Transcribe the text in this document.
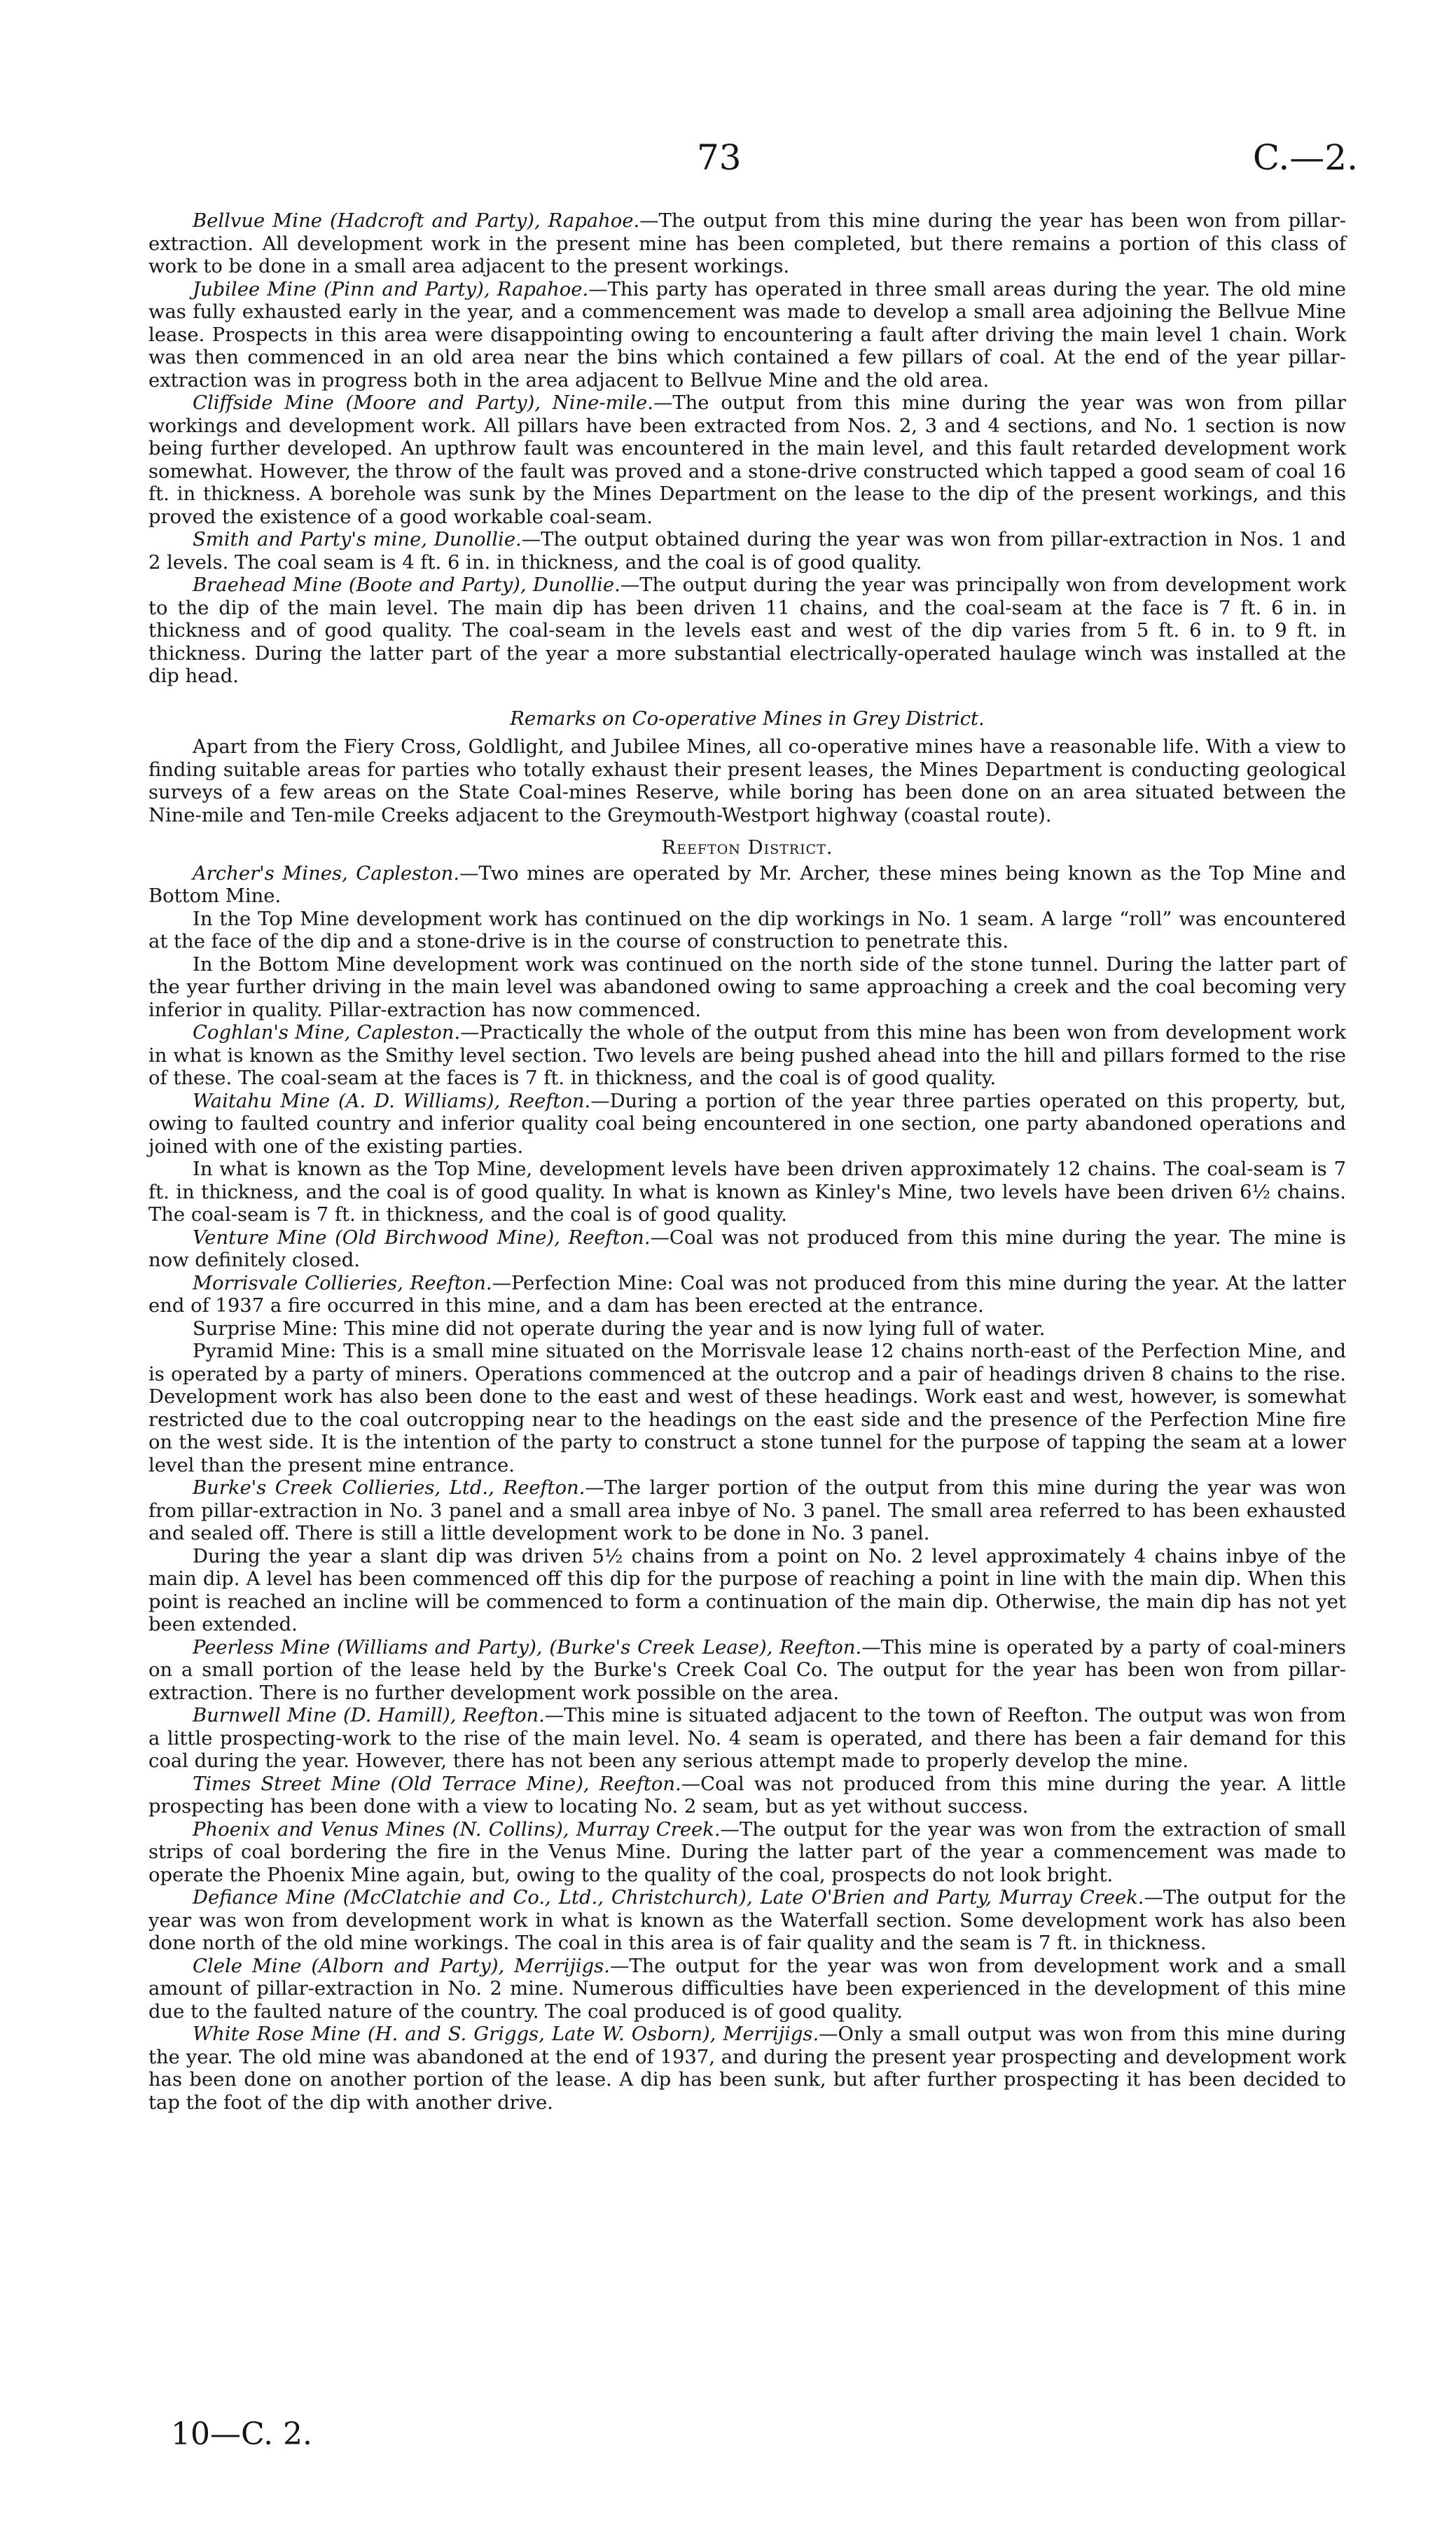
73	C.—2.

Bellvue Mine (Hadcroft and Party), Rapahoe.—The output from this mine during the year has been won from pillar-extraction. All development work in the present mine has been completed, but there remains a portion of this class of work to be done in a small area adjacent to the present workings.

Jubilee Mine (Pinn and Party), Rapahoe.—This party has operated in three small areas during the year. The old mine was fully exhausted early in the year, and a commencement was made to develop a small area adjoining the Bellvue Mine lease. Prospects in this area were disappointing owing to encountering a fault after driving the main level 1 chain. Work was then commenced in an old area near the bins which contained a few pillars of coal. At the end of the year pillar-extraction was in progress both in the area adjacent to Bellvue Mine and the old area.

Cliffside Mine (Moore and Party), Nine-mile.—The output from this mine during the year was won from pillar workings and development work. All pillars have been extracted from Nos. 2, 3 and 4 sections, and No. 1 section is now being further developed. An upthrow fault was encountered in the main level, and this fault retarded development work somewhat. However, the throw of the fault was proved and a stone-drive constructed which tapped a good seam of coal 16 ft. in thickness. A borehole was sunk by the Mines Department on the lease to the dip of the present workings, and this proved the existence of a good workable coal-seam.

Smith and Party's mine, Dunollie.—The output obtained during the year was won from pillar-extraction in Nos. 1 and 2 levels. The coal seam is 4 ft. 6 in. in thickness, and the coal is of good quality.

Braehead Mine (Boote and Party), Dunollie.—The output during the year was principally won from development work to the dip of the main level. The main dip has been driven 11 chains, and the coal-seam at the face is 7 ft. 6 in. in thickness and of good quality. The coal-seam in the levels east and west of the dip varies from 5 ft. 6 in. to 9 ft. in thickness. During the latter part of the year a more substantial electrically-operated haulage winch was installed at the dip head.

Remarks on Co-operative Mines in Grey District.

Apart from the Fiery Cross, Goldlight, and Jubilee Mines, all co-operative mines have a reasonable life. With a view to finding suitable areas for parties who totally exhaust their present leases, the Mines Department is conducting geological surveys of a few areas on the State Coal-mines Reserve, while boring has been done on an area situated between the Nine-mile and Ten-mile Creeks adjacent to the Greymouth-Westport highway (coastal route).

Reefton District.

Archer's Mines, Capleston.—Two mines are operated by Mr. Archer, these mines being known as the Top Mine and Bottom Mine.

In the Top Mine development work has continued on the dip workings in No. 1 seam. A large “roll” was encountered at the face of the dip and a stone-drive is in the course of construction to penetrate this.

In the Bottom Mine development work was continued on the north side of the stone tunnel. During the latter part of the year further driving in the main level was abandoned owing to same approaching a creek and the coal becoming very inferior in quality. Pillar-extraction has now commenced.

Coghlan's Mine, Capleston.—Practically the whole of the output from this mine has been won from development work in what is known as the Smithy level section. Two levels are being pushed ahead into the hill and pillars formed to the rise of these. The coal-seam at the faces is 7 ft. in thickness, and the coal is of good quality.

Waitahu Mine (A. D. Williams), Reefton.—During a portion of the year three parties operated on this property, but, owing to faulted country and inferior quality coal being encountered in one section, one party abandoned operations and joined with one of the existing parties.

In what is known as the Top Mine, development levels have been driven approximately 12 chains. The coal-seam is 7 ft. in thickness, and the coal is of good quality. In what is known as Kinley's Mine, two levels have been driven 6½ chains. The coal-seam is 7 ft. in thickness, and the coal is of good quality.

Venture Mine (Old Birchwood Mine), Reefton.—Coal was not produced from this mine during the year. The mine is now definitely closed.

Morrisvale Collieries, Reefton.—Perfection Mine: Coal was not produced from this mine during the year. At the latter end of 1937 a fire occurred in this mine, and a dam has been erected at the entrance.

Surprise Mine: This mine did not operate during the year and is now lying full of water.

Pyramid Mine: This is a small mine situated on the Morrisvale lease 12 chains north-east of the Perfection Mine, and is operated by a party of miners. Operations commenced at the outcrop and a pair of headings driven 8 chains to the rise. Development work has also been done to the east and west of these headings. Work east and west, however, is somewhat restricted due to the coal outcropping near to the headings on the east side and the presence of the Perfection Mine fire on the west side. It is the intention of the party to construct a stone tunnel for the purpose of tapping the seam at a lower level than the present mine entrance.

Burke's Creek Collieries, Ltd., Reefton.—The larger portion of the output from this mine during the year was won from pillar-extraction in No. 3 panel and a small area inbye of No. 3 panel. The small area referred to has been exhausted and sealed off. There is still a little development work to be done in No. 3 panel.

During the year a slant dip was driven 5½ chains from a point on No. 2 level approximately 4 chains inbye of the main dip. A level has been commenced off this dip for the purpose of reaching a point in line with the main dip. When this point is reached an incline will be commenced to form a continuation of the main dip. Otherwise, the main dip has not yet been extended.

Peerless Mine (Williams and Party), (Burke's Creek Lease), Reefton.—This mine is operated by a party of coal-miners on a small portion of the lease held by the Burke's Creek Coal Co. The output for the year has been won from pillar-extraction. There is no further development work possible on the area.

Burnwell Mine (D. Hamill), Reefton.—This mine is situated adjacent to the town of Reefton. The output was won from a little prospecting-work to the rise of the main level. No. 4 seam is operated, and there has been a fair demand for this coal during the year. However, there has not been any serious attempt made to properly develop the mine.

Times Street Mine (Old Terrace Mine), Reefton.—Coal was not produced from this mine during the year. A little prospecting has been done with a view to locating No. 2 seam, but as yet without success.

Phoenix and Venus Mines (N. Collins), Murray Creek.—The output for the year was won from the extraction of small strips of coal bordering the fire in the Venus Mine. During the latter part of the year a commencement was made to operate the Phoenix Mine again, but, owing to the quality of the coal, prospects do not look bright.

Defiance Mine (McClatchie and Co., Ltd., Christchurch), Late O'Brien and Party, Murray Creek.—The output for the year was won from development work in what is known as the Waterfall section. Some development work has also been done north of the old mine workings. The coal in this area is of fair quality and the seam is 7 ft. in thickness.

Clele Mine (Alborn and Party), Merrijigs.—The output for the year was won from development work and a small amount of pillar-extraction in No. 2 mine. Numerous difficulties have been experienced in the development of this mine due to the faulted nature of the country. The coal produced is of good quality.

White Rose Mine (H. and S. Griggs, Late W. Osborn), Merrijigs.—Only a small output was won from this mine during the year. The old mine was abandoned at the end of 1937, and during the present year prospecting and development work has been done on another portion of the lease. A dip has been sunk, but after further prospecting it has been decided to tap the foot of the dip with another drive.

10—C. 2.
